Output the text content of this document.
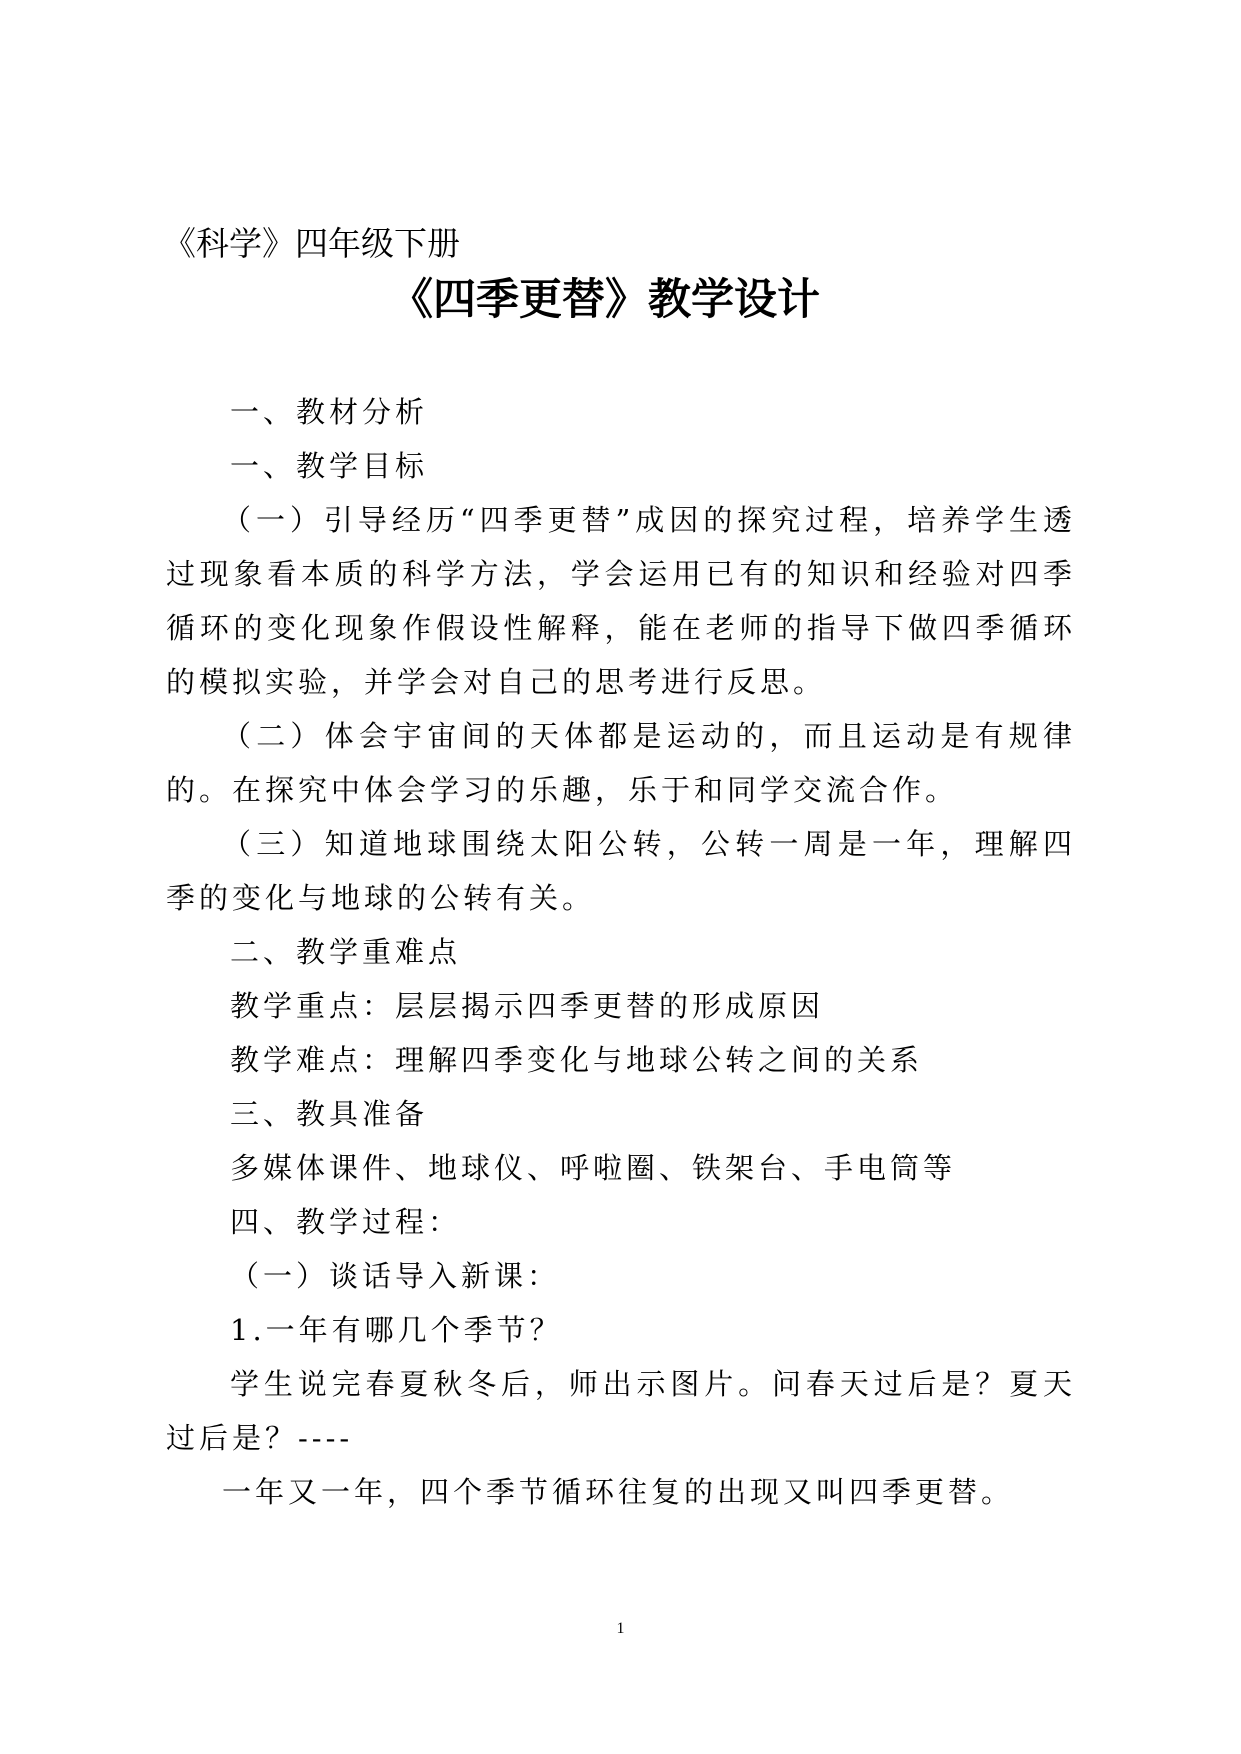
《科学》四年级下册
《四季更替》教学设计

一、教材分析

一、教学目标

（一）引导经历“四季更替”成因的探究过程，培养学生透过现象看本质的科学方法，学会运用已有的知识和经验对四季循环的变化现象作假设性解释，能在老师的指导下做四季循环的模拟实验，并学会对自己的思考进行反思。

（二）体会宇宙间的天体都是运动的，而且运动是有规律的。在探究中体会学习的乐趣，乐于和同学交流合作。

（三）知道地球围绕太阳公转，公转一周是一年，理解四季的变化与地球的公转有关。

二、教学重难点

教学重点：层层揭示四季更替的形成原因

教学难点：理解四季变化与地球公转之间的关系

三、教具准备

多媒体课件、地球仪、呼啦圈、铁架台、手电筒等

四、教学过程：

（一）谈话导入新课：

1.一年有哪几个季节？

学生说完春夏秋冬后，师出示图片。问春天过后是？夏天过后是？----

一年又一年，四个季节循环往复的出现又叫四季更替。

1
